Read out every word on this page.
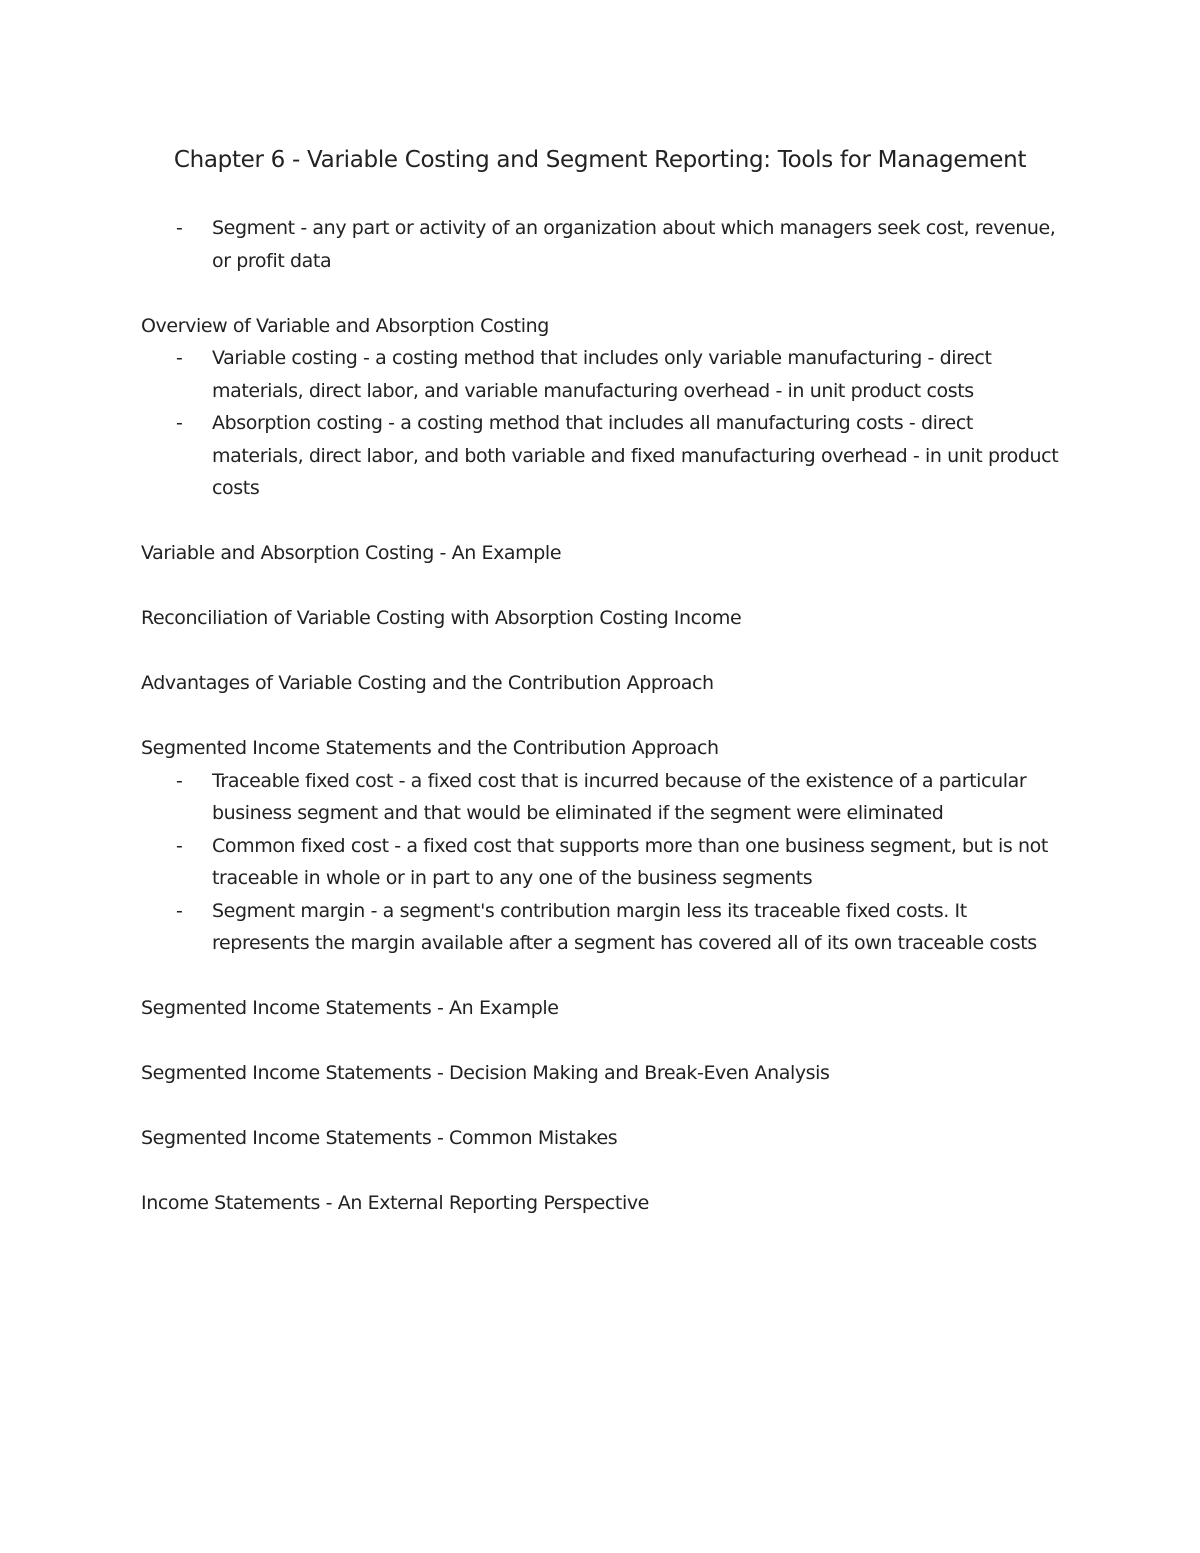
Chapter 6 - Variable Costing and Segment Reporting: Tools for Management
- Segment - any part or activity of an organization about which managers seek cost, revenue, or profit data

Overview of Variable and Absorption Costing

- Variable costing - a costing method that includes only variable manufacturing - direct materials, direct labor, and variable manufacturing overhead - in unit product costs
- Absorption costing - a costing method that includes all manufacturing costs - direct materials, direct labor, and both variable and fixed manufacturing overhead - in unit product costs

Variable and Absorption Costing - An Example

Reconciliation of Variable Costing with Absorption Costing Income

Advantages of Variable Costing and the Contribution Approach

Segmented Income Statements and the Contribution Approach

- Traceable fixed cost - a fixed cost that is incurred because of the existence of a particular business segment and that would be eliminated if the segment were eliminated
- Common fixed cost - a fixed cost that supports more than one business segment, but is not traceable in whole or in part to any one of the business segments
- Segment margin - a segment's contribution margin less its traceable fixed costs. It represents the margin available after a segment has covered all of its own traceable costs

Segmented Income Statements - An Example

Segmented Income Statements - Decision Making and Break-Even Analysis

Segmented Income Statements - Common Mistakes

Income Statements - An External Reporting Perspective
